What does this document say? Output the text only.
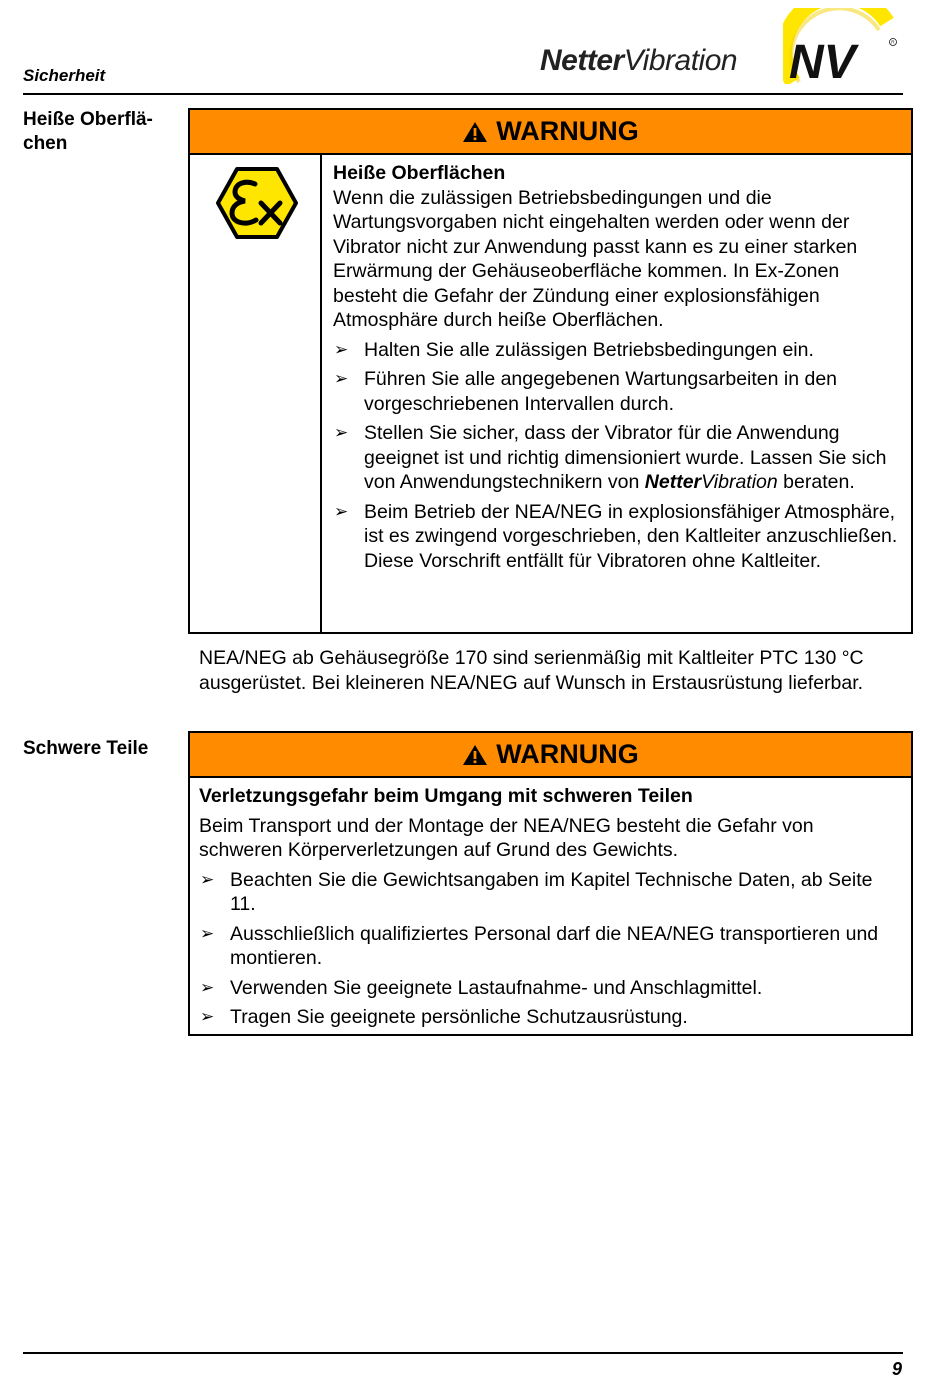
Sicherheit	NetterVibration NV	R
Heiße Oberflä-
chen	WARNUNG
Heiße Oberflächen
Wenn die zulässigen Betriebsbedingungen und die Wartungsvorgaben nicht eingehalten werden oder wenn der Vibrator nicht zur Anwendung passt kann es zu einer starken Erwärmung der Gehäuseoberfläche kommen. In Ex-Zonen besteht die Gefahr der Zündung einer explosionsfähigen Atmosphäre durch heiße Oberflächen.
➢ Halten Sie alle zulässigen Betriebsbedingungen ein.
➢ Führen Sie alle angegebenen Wartungsarbeiten in den vorgeschriebenen Intervallen durch.
➢ Stellen Sie sicher, dass der Vibrator für die Anwendung geeignet ist und richtig dimensioniert wurde. Lassen Sie sich von Anwendungstechnikern von NetterVibration beraten.
➢ Beim Betrieb der NEA/NEG in explosionsfähiger Atmosphäre, ist es zwingend vorgeschrieben, den Kaltleiter anzuschließen. Diese Vorschrift entfällt für Vibratoren ohne Kaltleiter.
NEA/NEG ab Gehäusegröße 170 sind serienmäßig mit Kaltleiter PTC 130 °C ausgerüstet. Bei kleineren NEA/NEG auf Wunsch in Erstausrüstung lieferbar.
Schwere Teile	WARNUNG
Verletzungsgefahr beim Umgang mit schweren Teilen
Beim Transport und der Montage der NEA/NEG besteht die Gefahr von schweren Körperverletzungen auf Grund des Gewichts.
➢ Beachten Sie die Gewichtsangaben im Kapitel Technische Daten, ab Seite 11.
➢ Ausschließlich qualifiziertes Personal darf die NEA/NEG transportieren und montieren.
➢ Verwenden Sie geeignete Lastaufnahme- und Anschlagmittel.
➢ Tragen Sie geeignete persönliche Schutzausrüstung.
9
